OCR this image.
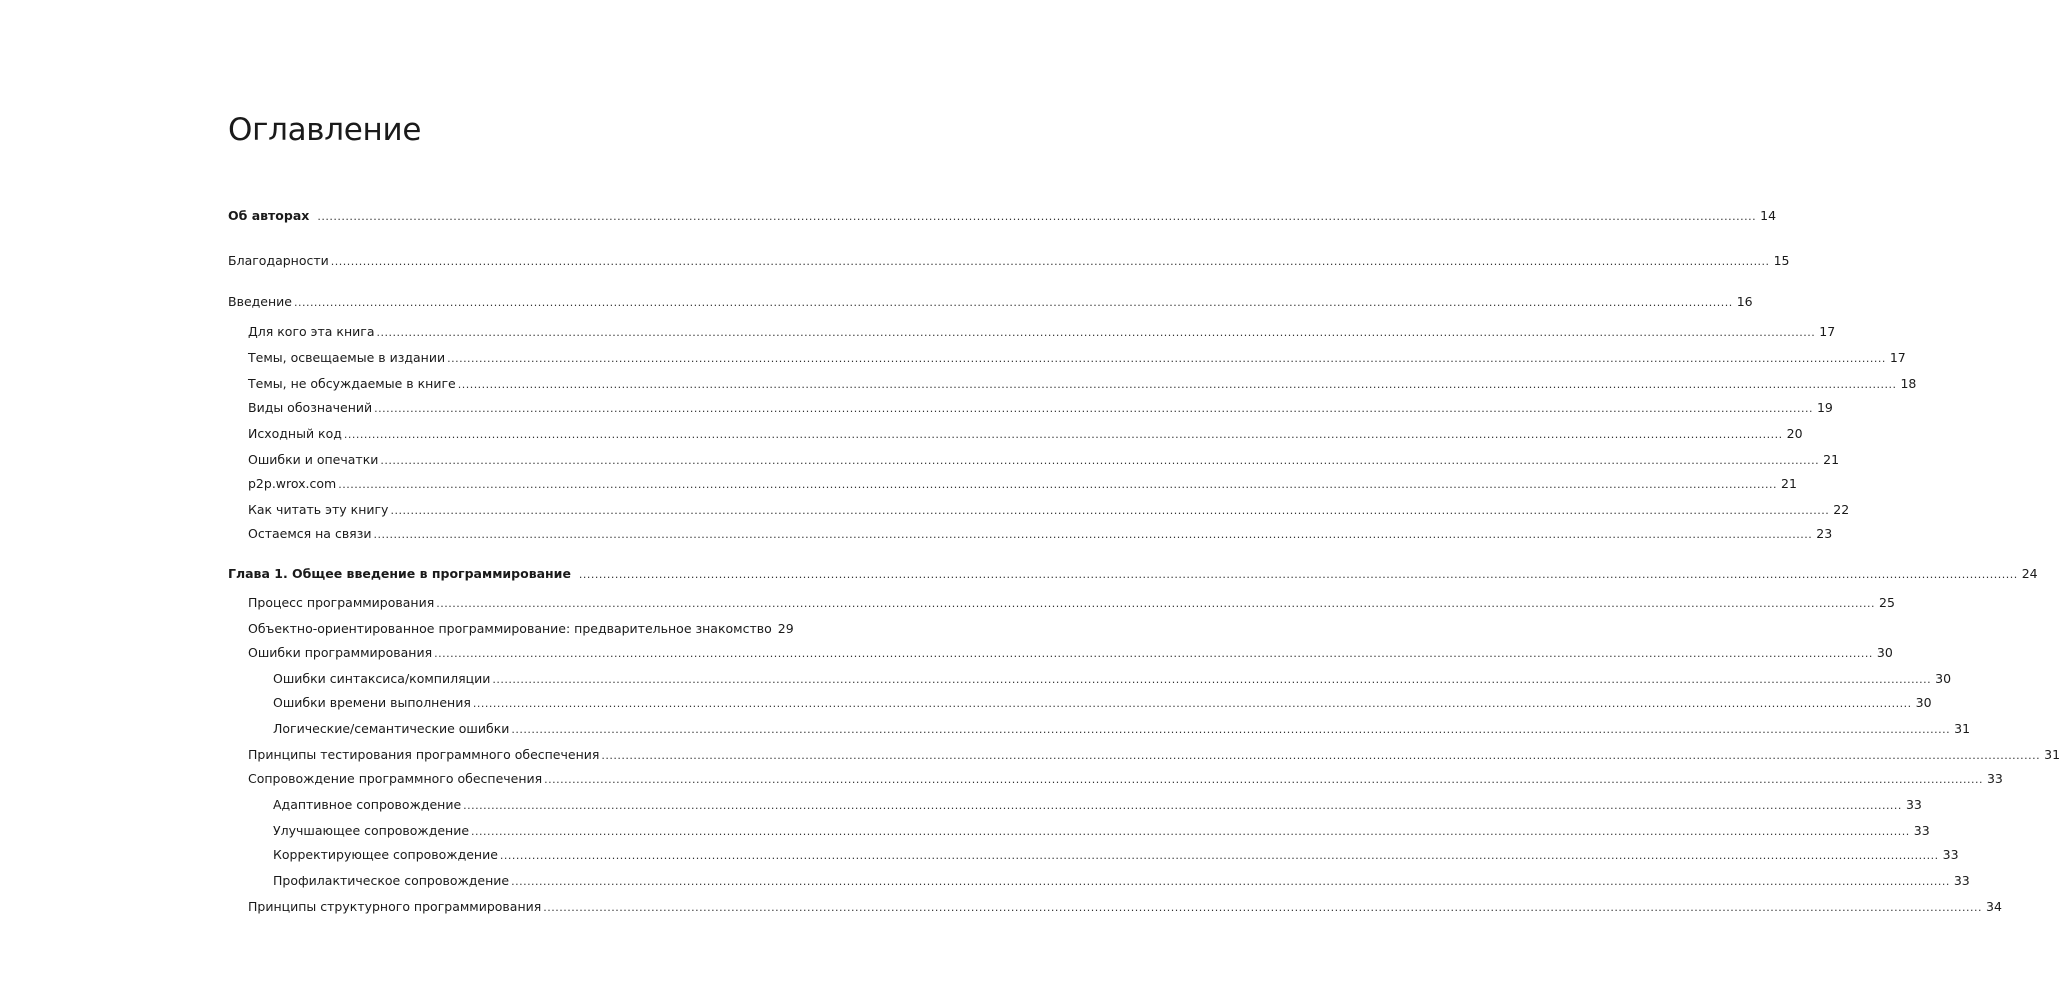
Оглавление
Об авторах .....	14
Благодарности .....	15
Введение .....	16
Для кого эта книга .....	17
Темы, освещаемые в издании .....	17
Темы, не обсуждаемые в книге .....	18
Виды обозначений .....	19
Исходный код .....	20
Ошибки и опечатки .....	21
p2p.wrox.com .....	21
Как читать эту книгу .....	22
Остаемся на связи .....	23
Глава 1. Общее введение в программирование .....	24
Процесс программирования .....	25
Объектно-ориентированное программирование: предварительное знакомство 29
Ошибки программирования .....	30
Ошибки синтаксиса/компиляции .....	30
Ошибки времени выполнения .....	30
Логические/семантические ошибки .....	31
Принципы тестирования программного обеспечения .....	31
Сопровождение программного обеспечения .....	33
Адаптивное сопровождение .....	33
Улучшающее сопровождение .....	33
Корректирующее сопровождение .....	33
Профилактическое сопровождение .....	33
Принципы структурного программирования .....	34
